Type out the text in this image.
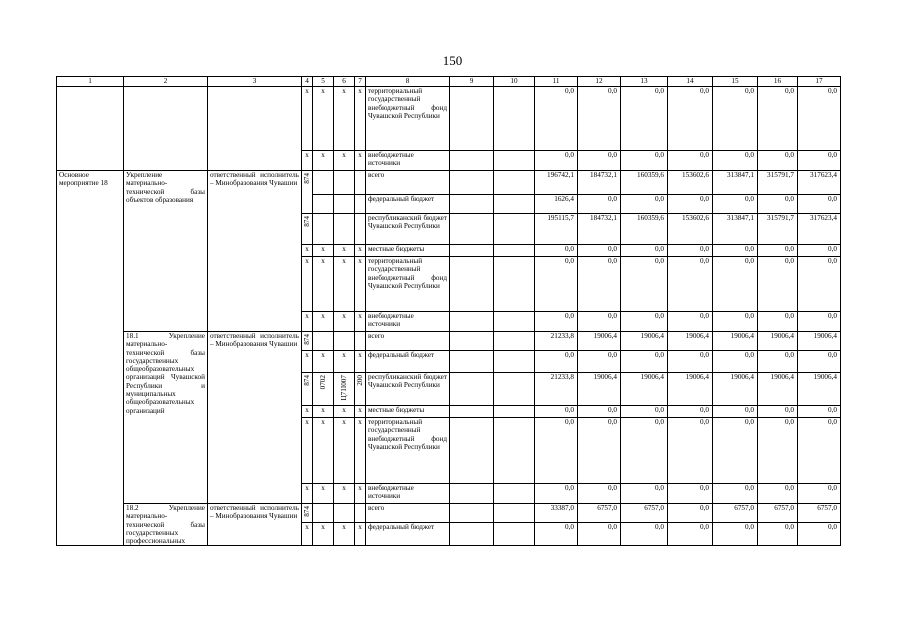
150
1	2	3	4	5	6	7	8	9	10	11	12	13	14	15	16	17
			x	x	x	x	территориальный государственный внебюджетный фонд Чувашской Республики			0,0	0,0	0,0	0,0	0,0	0,0	0,0
			x	x	x	x	внебюджетные источники			0,0	0,0	0,0	0,0	0,0	0,0	0,0
Основное мероприятие 18	Укрепление материально-технической базы объектов образования	ответственный исполнитель – Минобразования Чувашии	874				всего			196742,1	184732,1	160359,6	153602,6	313847,1	315791,7	317623,4
							федеральный бюджет			1626,4	0,0	0,0	0,0	0,0	0,0	0,0

			874				республиканский бюджет Чувашской Республики			195115,7	184732,1	160359,6	153602,6	313847,1	315791,7	317623,4
			x	x	x	x	местные бюджеты			0,0	0,0	0,0	0,0	0,0	0,0	0,0
			x	x	x	x	территориальный государственный внебюджетный фонд Чувашской Республики			0,0	0,0	0,0	0,0	0,0	0,0	0,0
			x	x	x	x	внебюджетные источники			0,0	0,0	0,0	0,0	0,0	0,0	0,0
	18.1 Укрепление материально-технической базы государственных общеобразовательных организаций Чувашской Республики и муниципальных общеобразовательных организаций	ответственный исполнитель – Минобразования Чувашии	874				всего			21233,8	19006,4	19006,4	19006,4	19006,4	19006,4	19006,4
			x	x	x	x	федеральный бюджет			0,0	0,0	0,0	0,0	0,0	0,0	0,0

			874	0702	Ц71I007	200	республиканский бюджет Чувашской Республики			21233,8	19006,4	19006,4	19006,4	19006,4	19006,4	19006,4
			x	x	x	x	местные бюджеты			0,0	0,0	0,0	0,0	0,0	0,0	0,0
			x	x	x	x	территориальный государственный внебюджетный фонд Чувашской Республики			0,0	0,0	0,0	0,0	0,0	0,0	0,0
			x	x	x	x	внебюджетные источники			0,0	0,0	0,0	0,0	0,0	0,0	0,0
	18.2 Укрепление материально-технической базы государственных профессиональных	ответственный исполнитель – Минобразования Чувашии	874				всего			33387,0	6757,0	6757,0	0,0	6757,0	6757,0	6757,0
			x	x	x	x	федеральный бюджет			0,0	0,0	0,0	0,0	0,0	0,0	0,0
